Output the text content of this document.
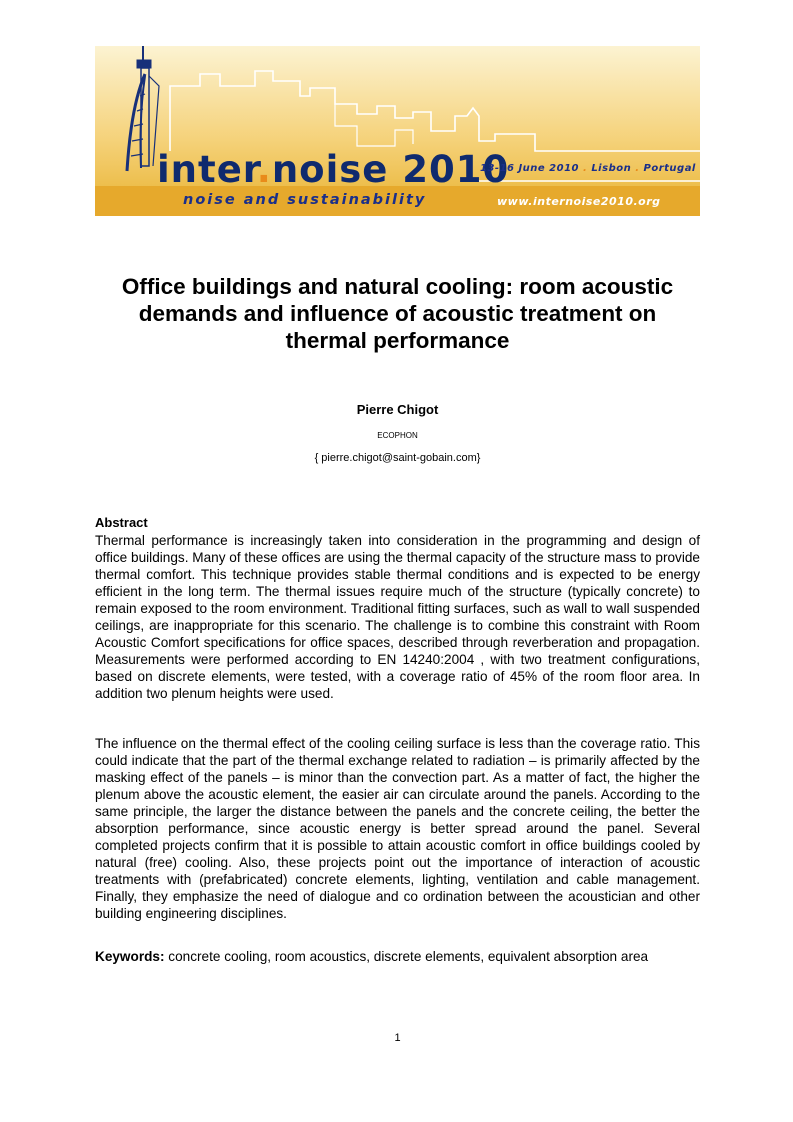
inter.noise 2010
noise and sustainability
13-16 June 2010 . Lisbon . Portugal
www.internoise2010.org
Office buildings and natural cooling: room acoustic demands and influence of acoustic treatment on thermal performance
Pierre Chigot
ECOPHON
{ pierre.chigot@saint-gobain.com}
Abstract

Thermal performance is increasingly taken into consideration in the programming and design of office buildings. Many of these offices are using the thermal capacity of the structure mass to provide thermal comfort. This technique provides stable thermal conditions and is expected to be energy efficient in the long term. The thermal issues require much of the structure (typically concrete) to remain exposed to the room environment. Traditional fitting surfaces, such as wall to wall suspended ceilings, are inappropriate for this scenario. The challenge is to combine this constraint with Room Acoustic Comfort specifications for office spaces, described through reverberation and propagation. Measurements were performed according to EN 14240:2004 , with two treatment configurations, based on discrete elements, were tested, with a coverage ratio of 45% of the room floor area. In addition two plenum heights were used.

The influence on the thermal effect of the cooling ceiling surface is less than the coverage ratio. This could indicate that the part of the thermal exchange related to radiation – is primarily affected by the masking effect of the panels – is minor than the convection part. As a matter of fact, the higher the plenum above the acoustic element, the easier air can circulate around the panels. According to the same principle, the larger the distance between the panels and the concrete ceiling, the better the absorption performance, since acoustic energy is better spread around the panel. Several completed projects confirm that it is possible to attain acoustic comfort in office buildings cooled by natural (free) cooling. Also, these projects point out the importance of interaction of acoustic treatments with (prefabricated) concrete elements, lighting, ventilation and cable management. Finally, they emphasize the need of dialogue and co ordination between the acoustician and other building engineering disciplines.

Keywords: concrete cooling, room acoustics, discrete elements, equivalent absorption area

1
